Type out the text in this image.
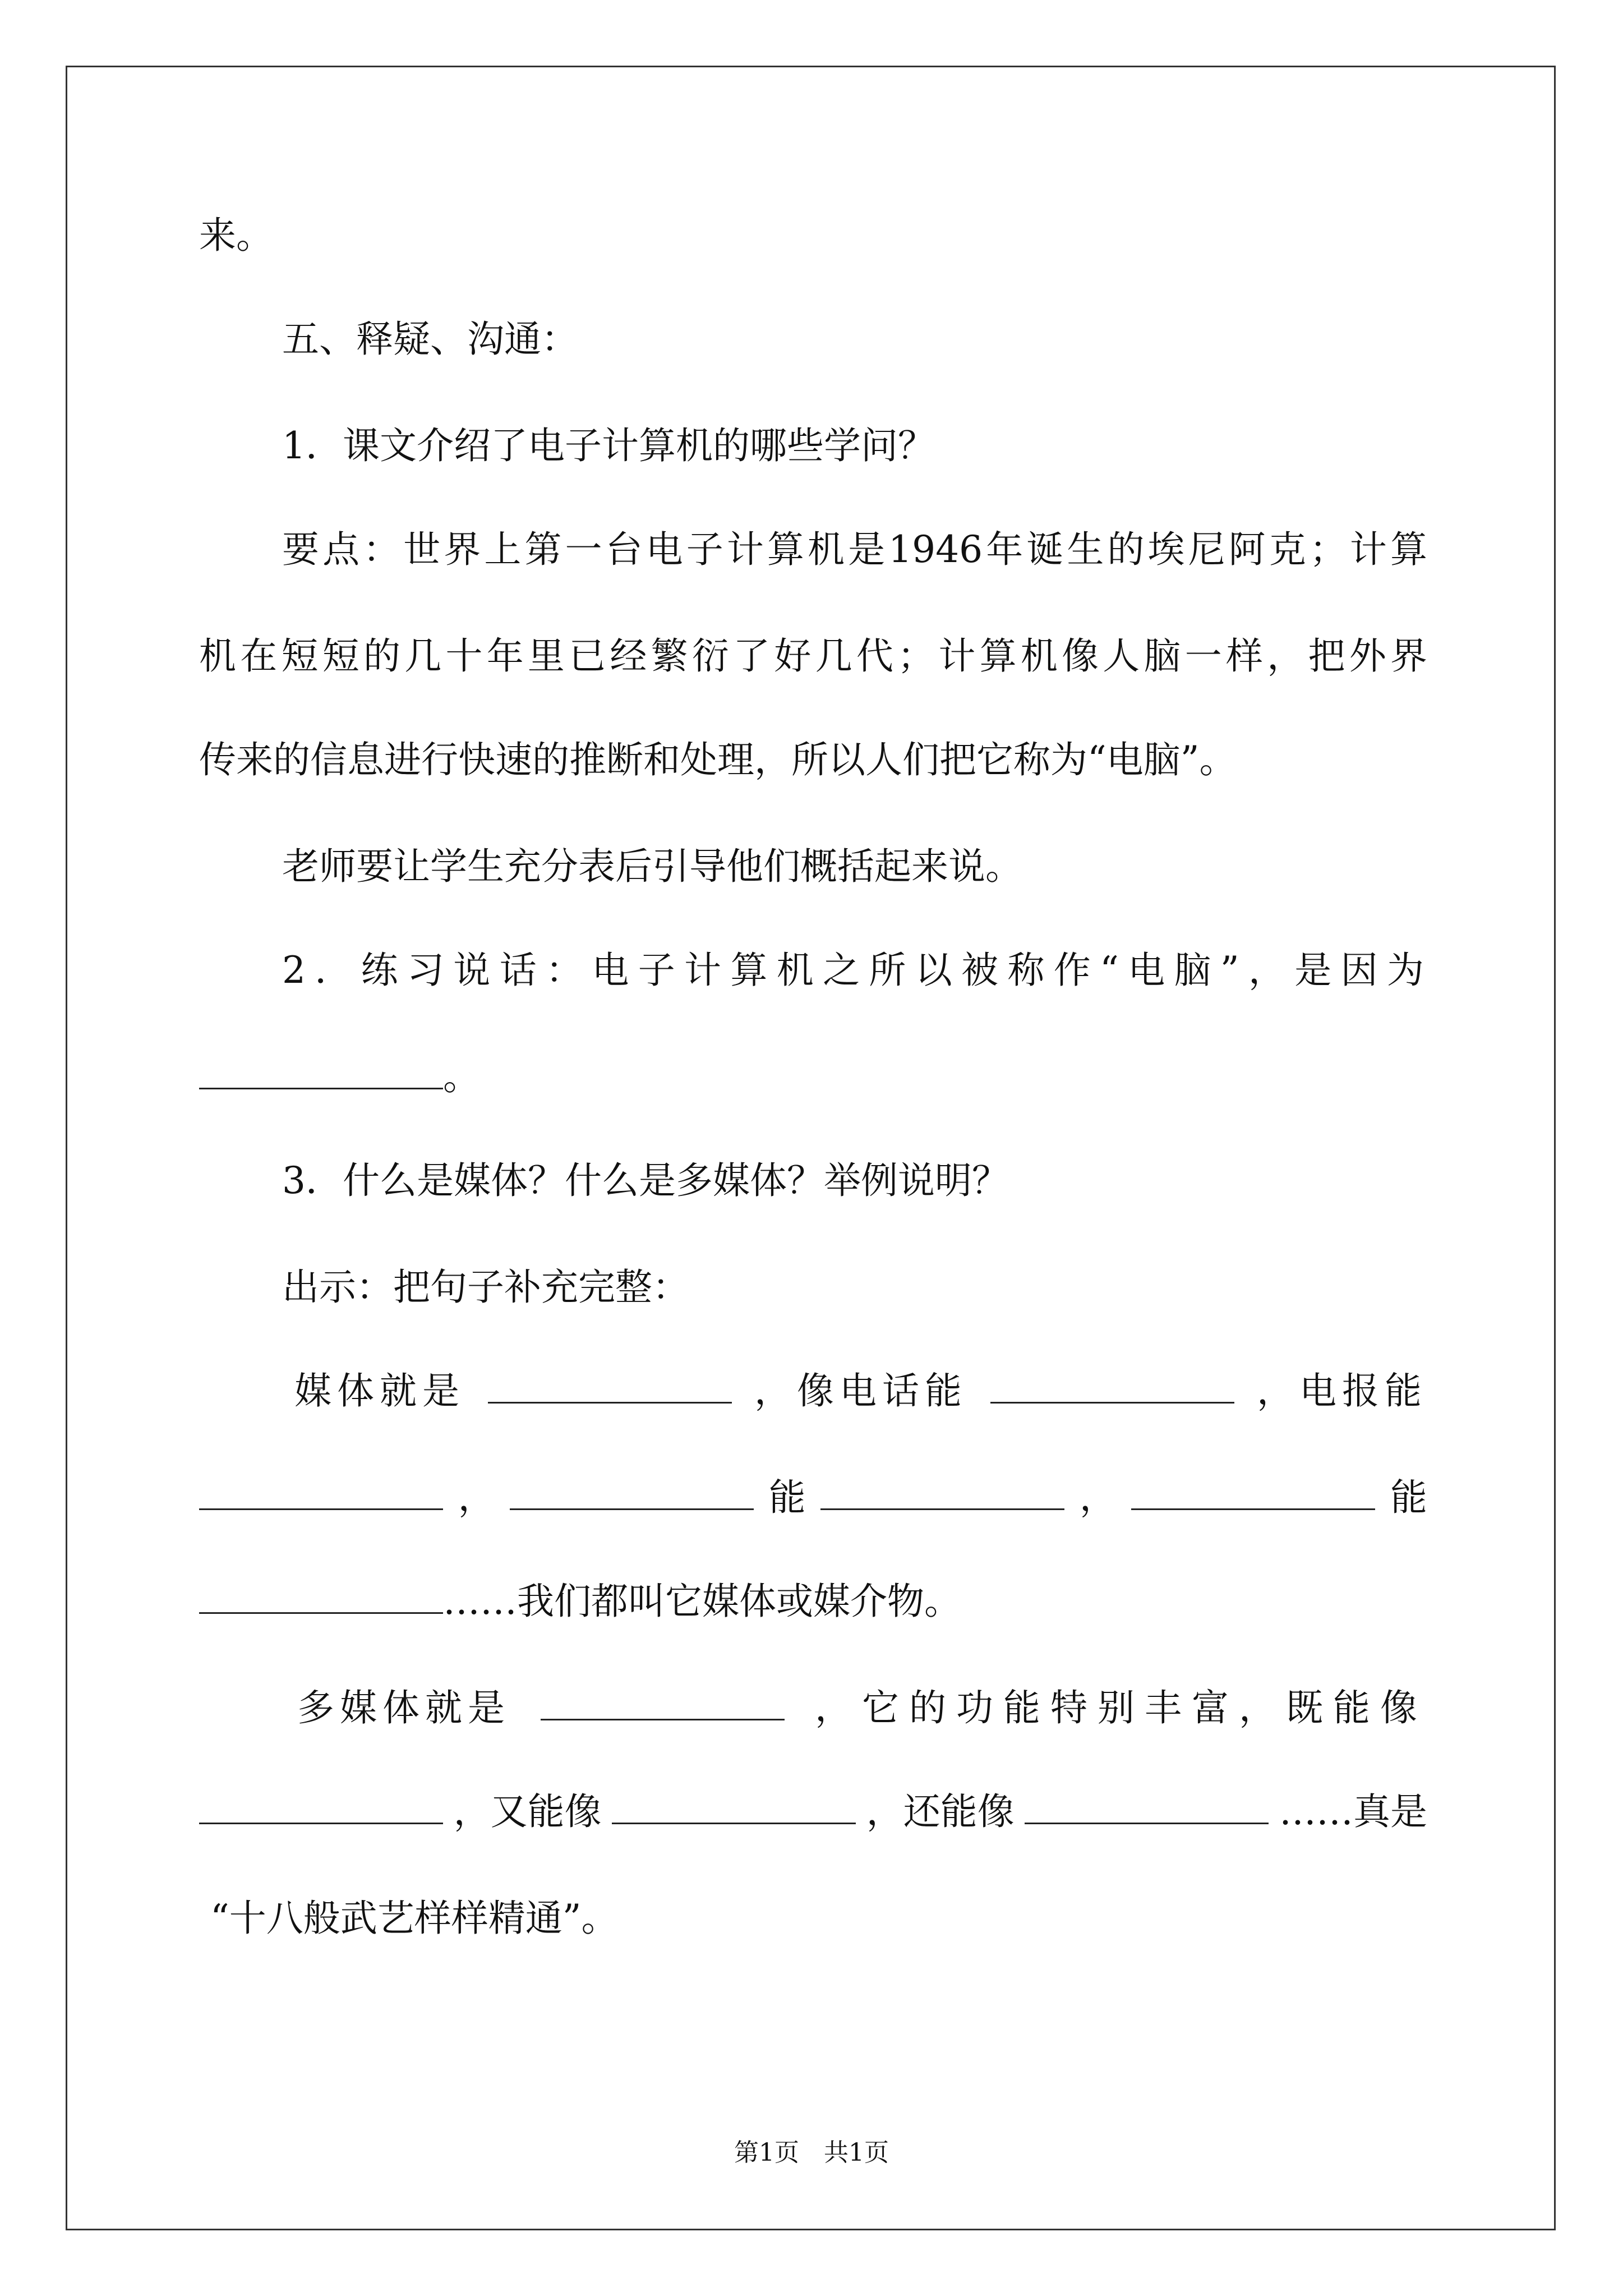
来。
五、释疑、沟通：
1．课文介绍了电子计算机的哪些学问？
要点：世界上第一台电子计算机是1946年诞生的埃尼阿克；计算
机在短短的几十年里已经繁衍了好几代；计算机像人脑一样，把外界
传来的信息进行快速的推断和处理，所以人们把它称为“电脑”。
老师要让学生充分表后引导他们概括起来说。
2．练习说话：电子计算机之所以被称作“电脑”，是因为
。
3．什么是媒体？什么是多媒体？举例说明？
出示：把句子补充完整：
媒体就是	，像电话能	，电报能
，	能	，	能
……我们都叫它媒体或媒介物。
多媒体就是	，它的功能特别丰富，既能像
，又能像	，还能像	……真是
“十八般武艺样样精通”。
第1页　共1页
